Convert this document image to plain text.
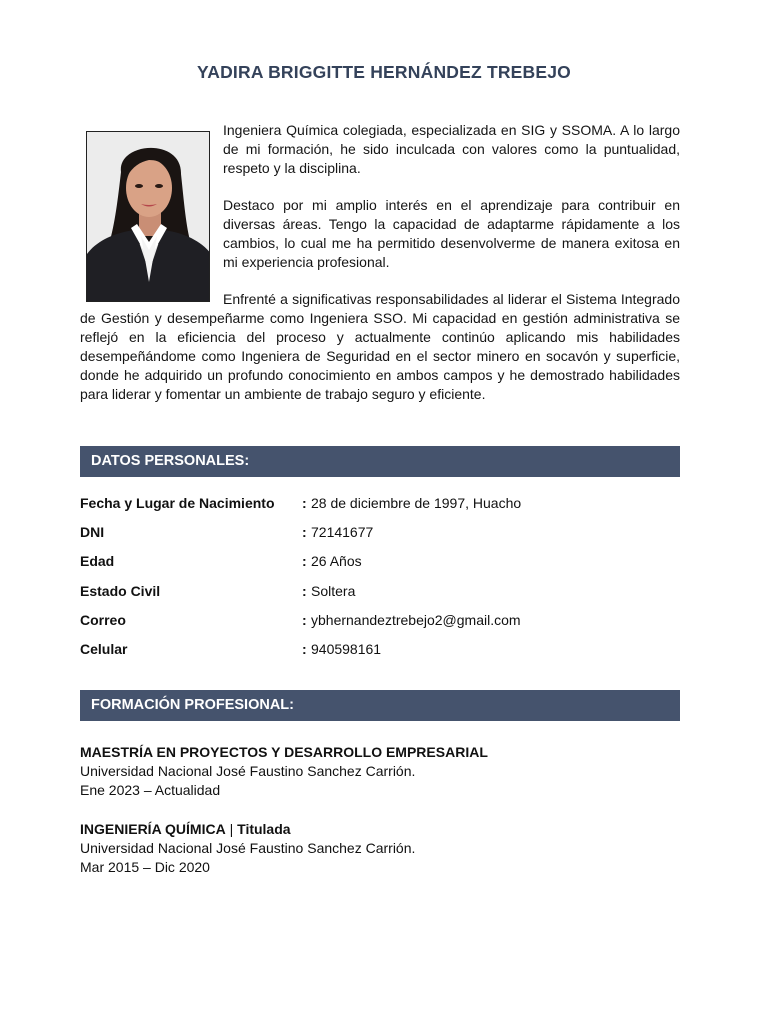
YADIRA BRIGGITTE HERNÁNDEZ TREBEJO

Ingeniera Química colegiada, especializada en SIG y SSOMA. A lo largo de mi formación, he sido inculcada con valores como la puntualidad, respeto y la disciplina.

Destaco por mi amplio interés en el aprendizaje para contribuir en diversas áreas. Tengo la capacidad de adaptarme rápidamente a los cambios, lo cual me ha permitido desenvolverme de manera exitosa en mi experiencia profesional.

Enfrenté a significativas responsabilidades al liderar el Sistema Integrado de Gestión y desempeñarme como Ingeniera SSO. Mi capacidad en gestión administrativa se reflejó en la eficiencia del proceso y actualmente continúo aplicando mis habilidades desempeñándome como Ingeniera de Seguridad en el sector minero en socavón y superficie, donde he adquirido un profundo conocimiento en ambos campos y he demostrado habilidades para liderar y fomentar un ambiente de trabajo seguro y eficiente.

DATOS PERSONALES:
Fecha y Lugar de Nacimiento : 28 de diciembre de 1997, Huacho
DNI	: 72141677
Edad	: 26 Años
Estado Civil	: Soltera
Correo	: ybhernandeztrebejo2@gmail.com
Celular	: 940598161
FORMACIÓN PROFESIONAL:
MAESTRÍA EN PROYECTOS Y DESARROLLO EMPRESARIAL
Universidad Nacional José Faustino Sanchez Carrión.
Ene 2023 – Actualidad
INGENIERÍA QUÍMICA | Titulada
Universidad Nacional José Faustino Sanchez Carrión.
Mar 2015 – Dic 2020
